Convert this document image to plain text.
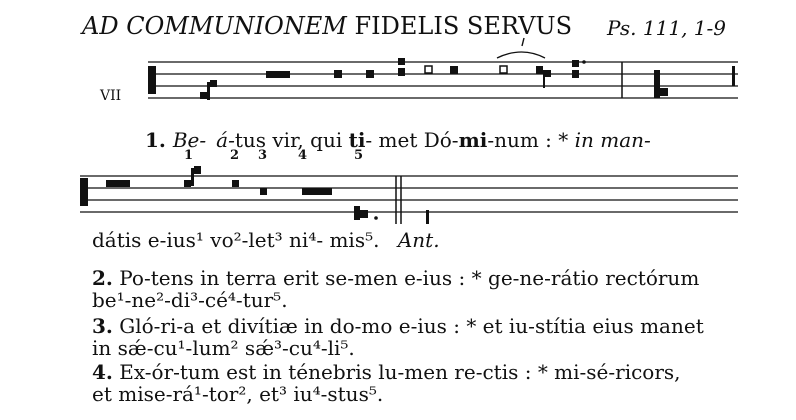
AD COMMUNIONEM FIDELIS SERVUS Ps. 111, 1-9
VII
1. Be- á-tus vir, qui ti- met Dó-mi-num : * in man-
1	2 3 4	5
dátis e-ius¹ vo²-let³ ni⁴- mis⁵. Ant.
2. Po-tens in terra erit se-men e-ius : * ge-ne-rátio rectórum
be¹-ne²-di³-cé⁴-tur⁵.
3. Gló-ri-a et divítiæ in do-mo e-ius : * et iu-stítia eius manet
in sǽ-cu¹-lum² sǽ³-cu⁴-li⁵.
4. Ex-ór-tum est in ténebris lu-men re-ctis : * mi-sé-ricors,
et mise-rá¹-tor², et³ iu⁴-stus⁵.
